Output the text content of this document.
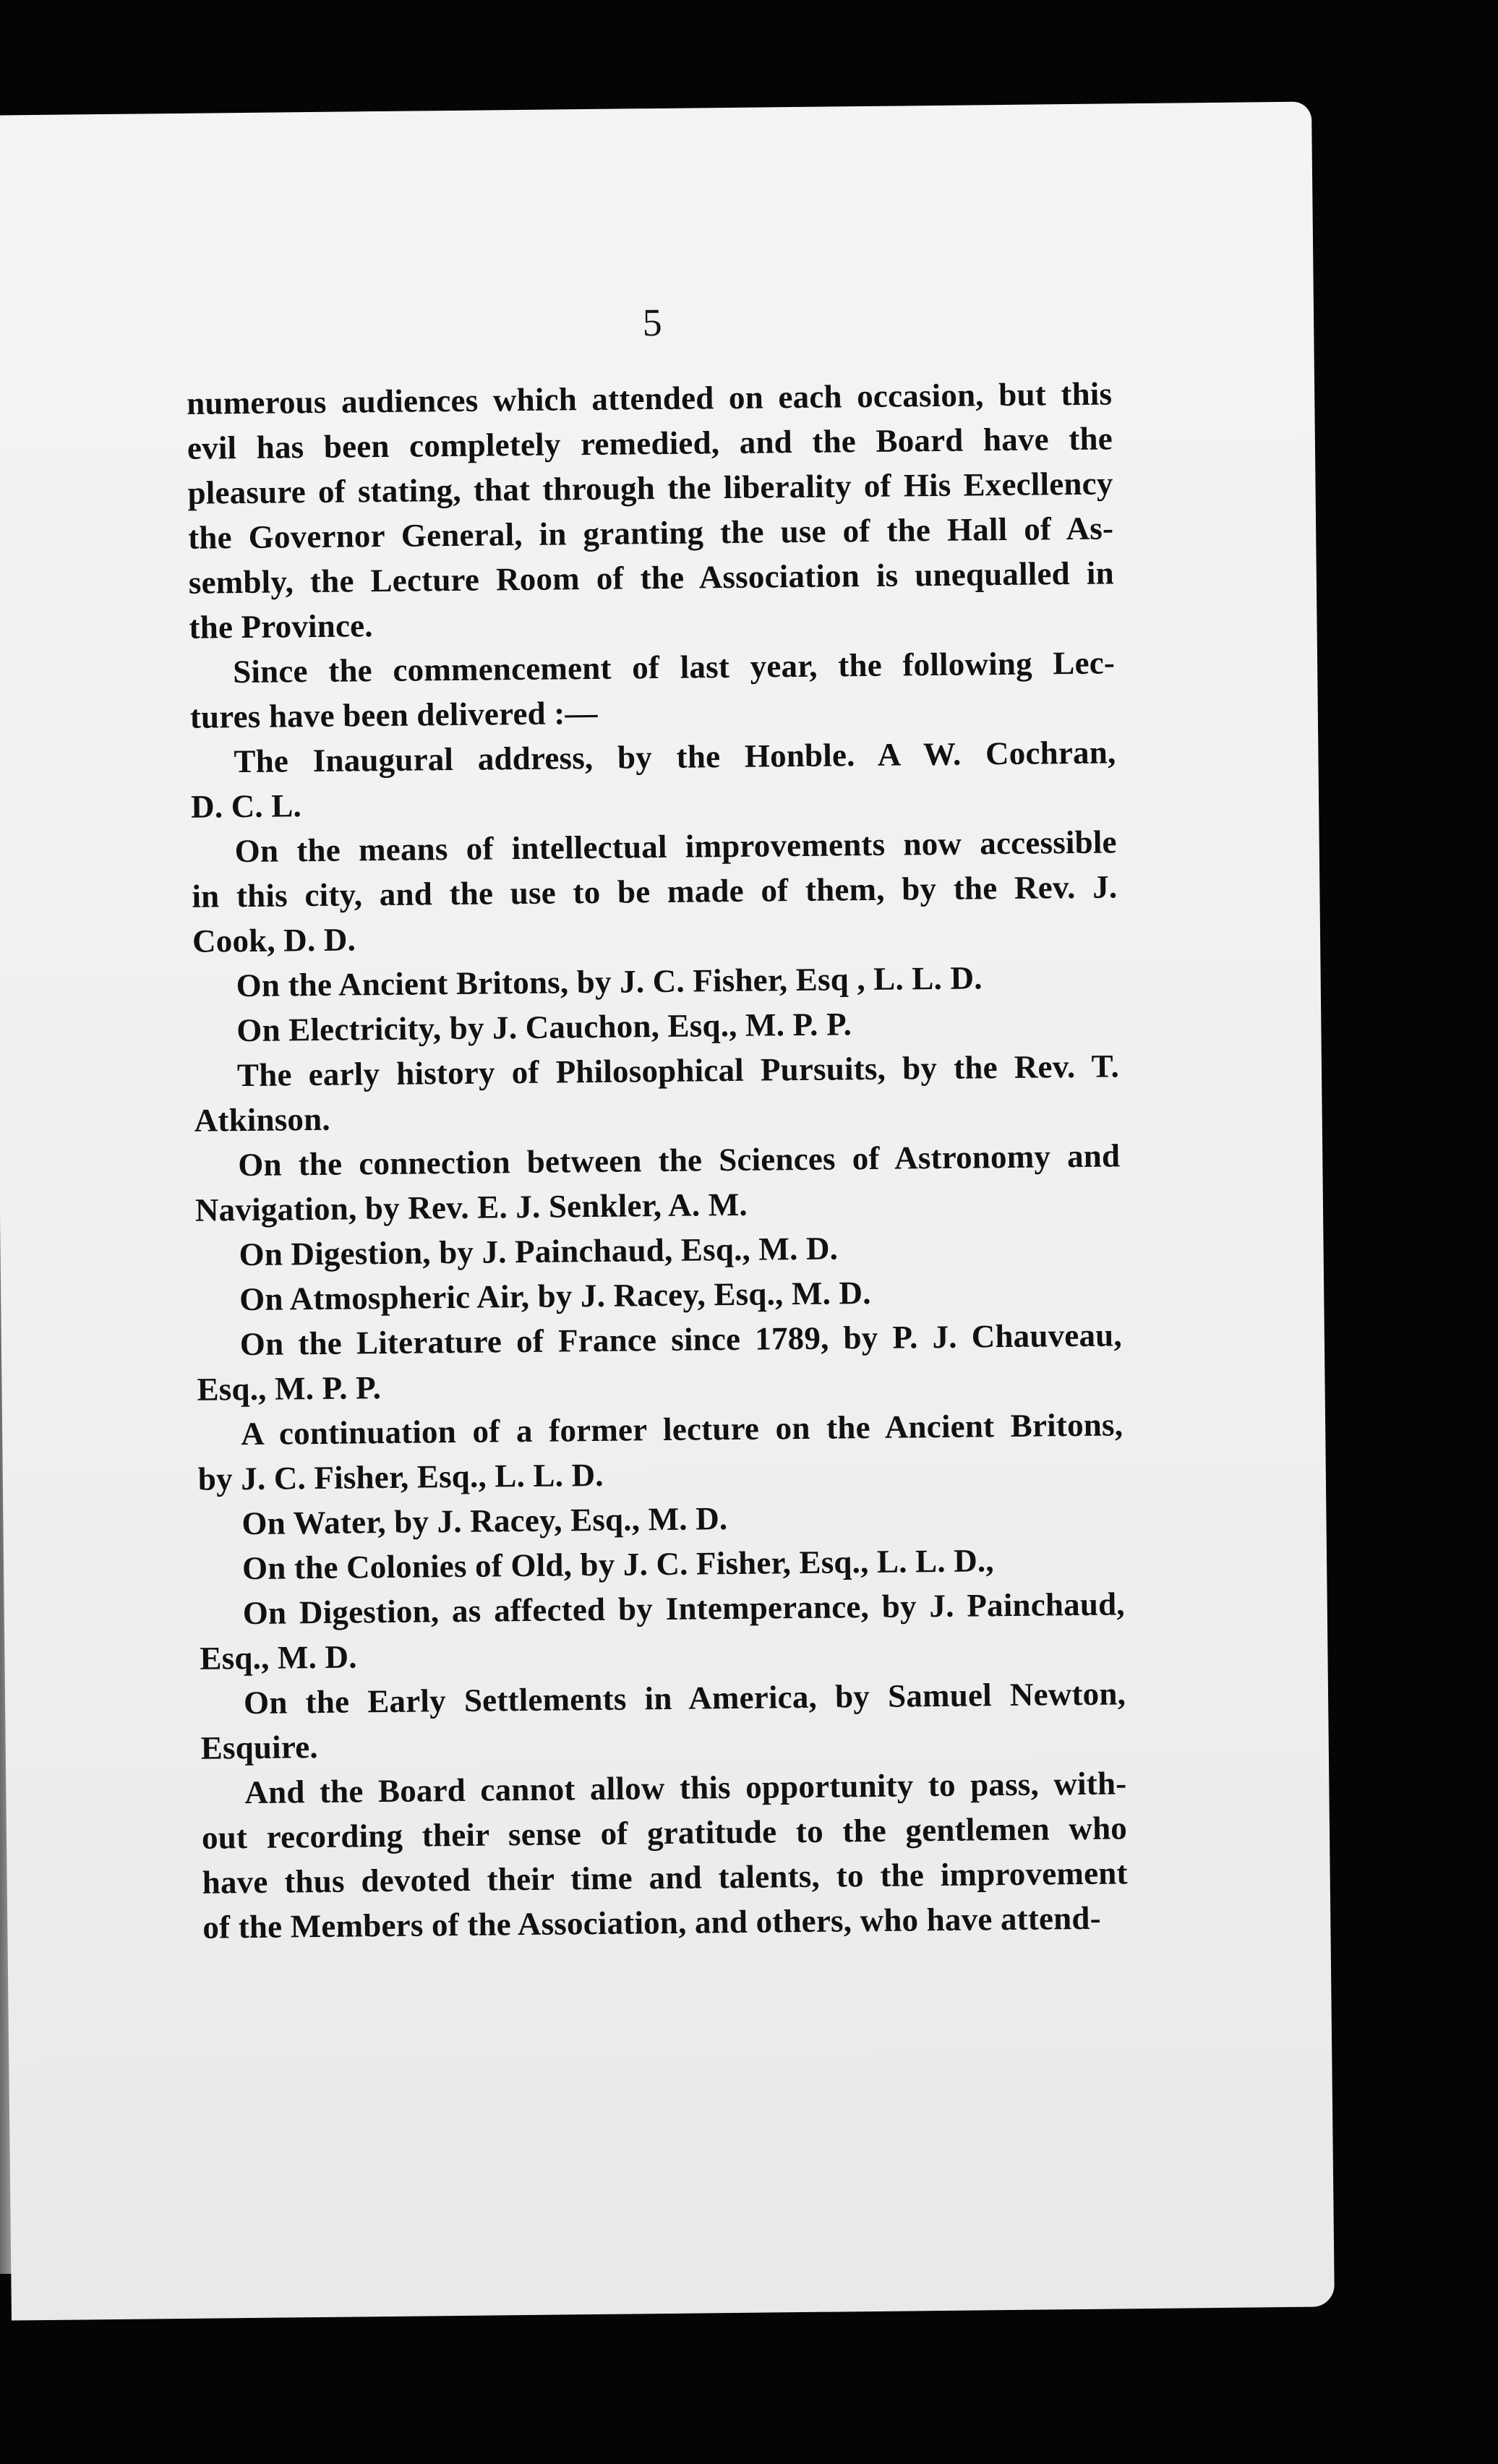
5

numerous audiences which attended on each occasion, but this
evil has been completely remedied, and the Board have the
pleasure of stating, that through the liberality of His Execllency
the Governor General, in granting the use of the Hall of As-
sembly, the Lecture Room of the Association is unequalled in
the Province.

Since the commencement of last year, the following Lec-
tures have been delivered :—

The Inaugural address, by the Honble. A W. Cochran,
D. C. L.

On the means of intellectual improvements now accessible
in this city, and the use to be made of them, by the Rev. J.
Cook, D. D.

On the Ancient Britons, by J. C. Fisher, Esq , L. L. D.

On Electricity, by J. Cauchon, Esq., M. P. P.

The early history of Philosophical Pursuits, by the Rev. T.
Atkinson.

On the connection between the Sciences of Astronomy and
Navigation, by Rev. E. J. Senkler, A. M.

On Digestion, by J. Painchaud, Esq., M. D.

On Atmospheric Air, by J. Racey, Esq., M. D.

On the Literature of France since 1789, by P. J. Chauveau,
Esq., M. P. P.

A continuation of a former lecture on the Ancient Britons,
by J. C. Fisher, Esq., L. L. D.

On Water, by J. Racey, Esq., M. D.

On the Colonies of Old, by J. C. Fisher, Esq., L. L. D.,

On Digestion, as affected by Intemperance, by J. Painchaud,
Esq., M. D.

On the Early Settlements in America, by Samuel Newton,
Esquire.

And the Board cannot allow this opportunity to pass, with-
out recording their sense of gratitude to the gentlemen who
have thus devoted their time and talents, to the improvement
of the Members of the Association, and others, who have attend-
